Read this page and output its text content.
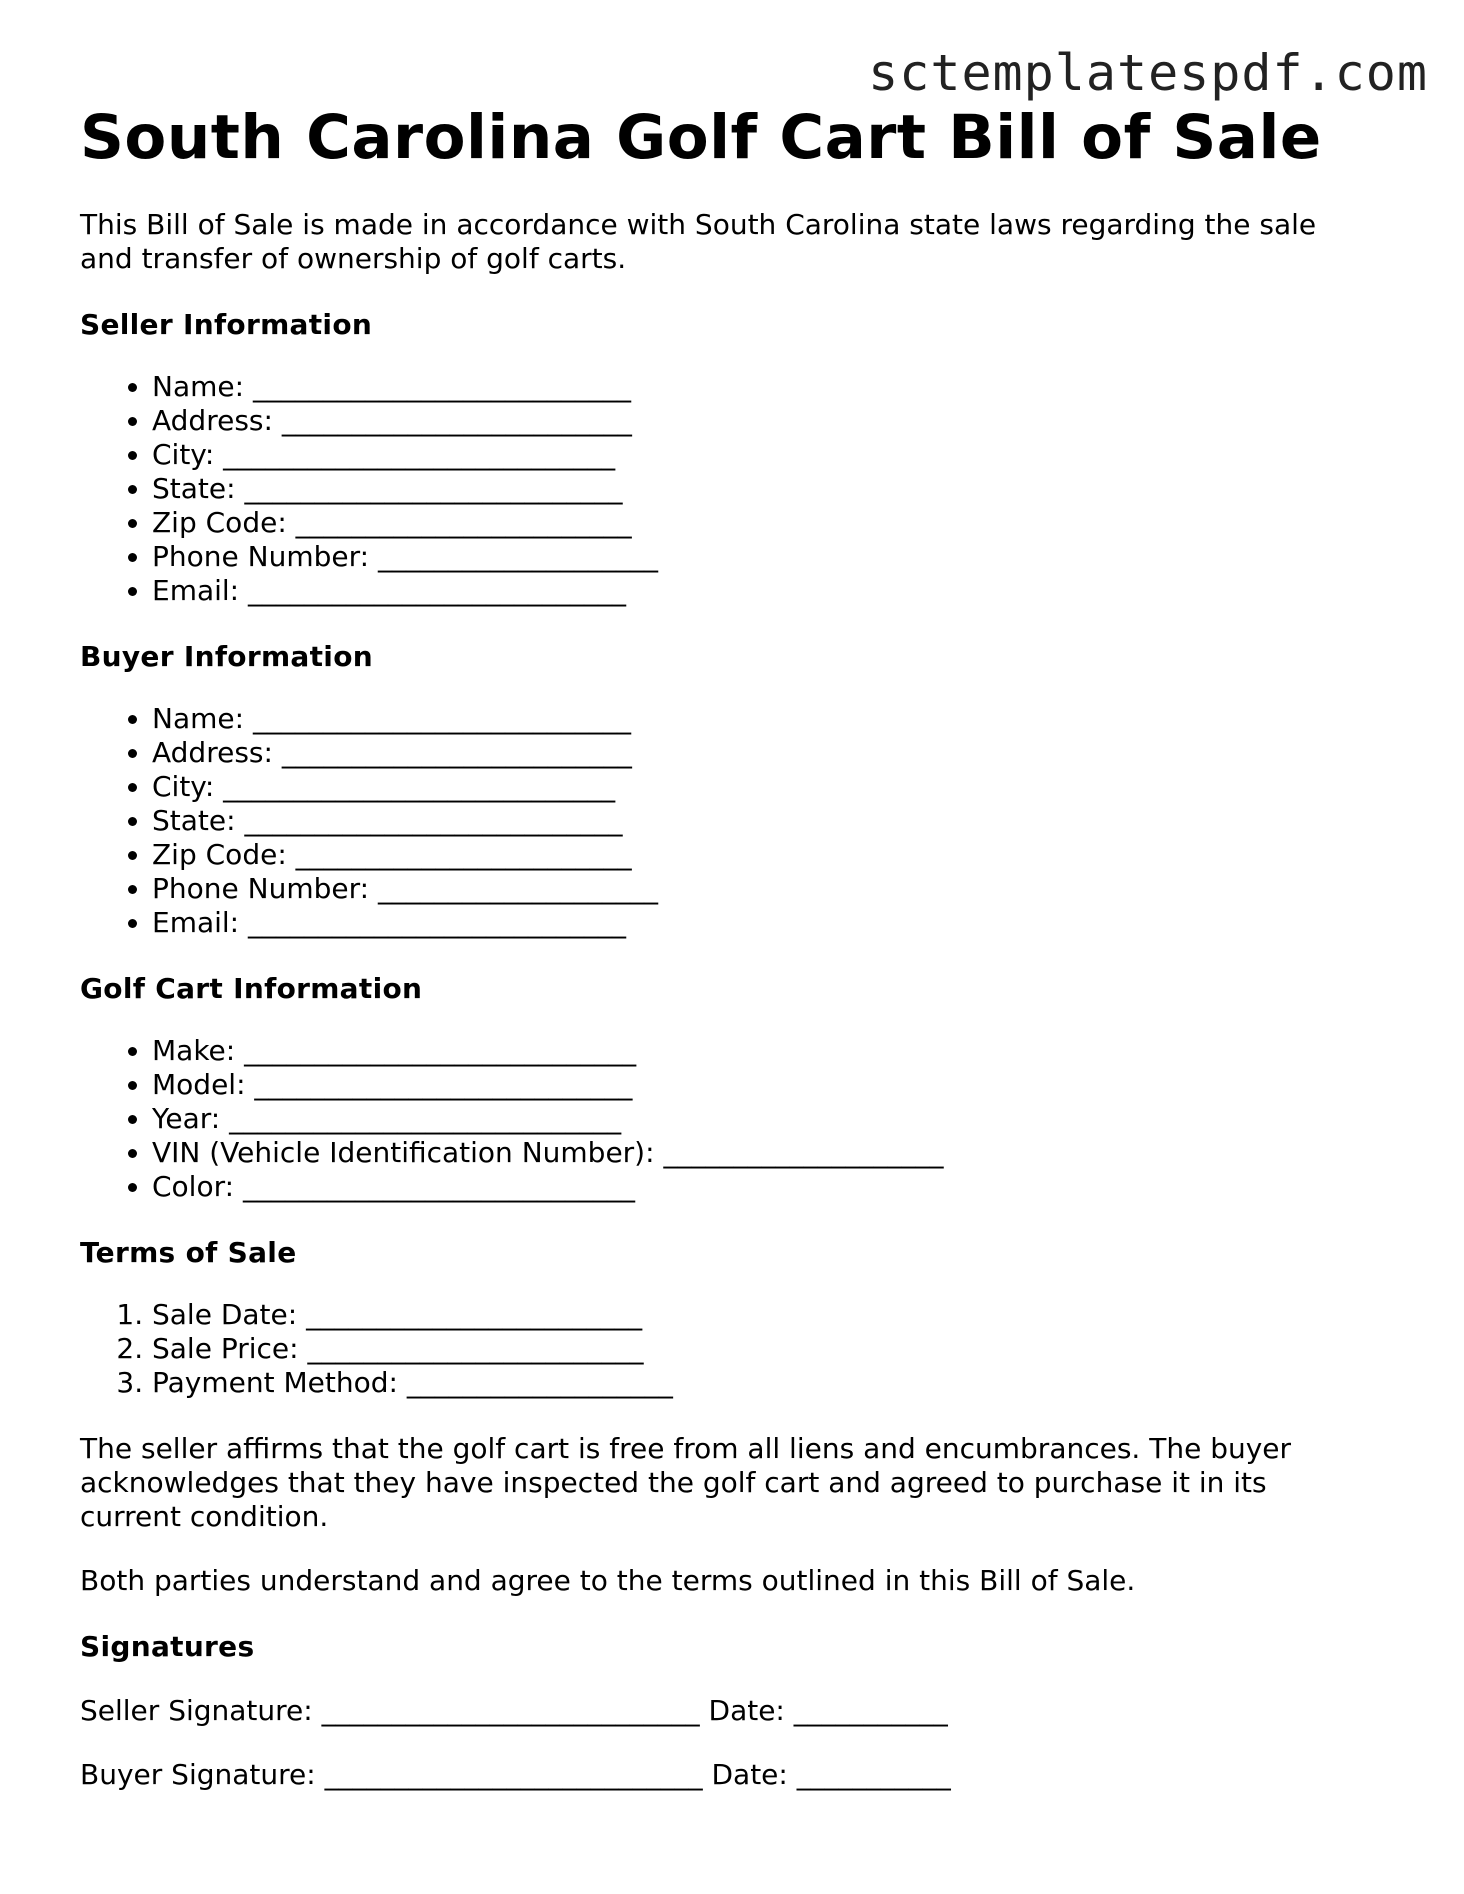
sctemplatespdf.com
South Carolina Golf Cart Bill of Sale

This Bill of Sale is made in accordance with South Carolina state laws regarding the sale and transfer of ownership of golf carts.

Seller Information
• Name: ___________________________
• Address: _________________________
• City: ____________________________
• State: ___________________________
• Zip Code: ________________________
• Phone Number: ____________________
• Email: ___________________________
Buyer Information
• Name: ___________________________
• Address: _________________________
• City: ____________________________
• State: ___________________________
• Zip Code: ________________________
• Phone Number: ____________________
• Email: ___________________________
Golf Cart Information
• Make: ____________________________
• Model: ___________________________
• Year: ____________________________
• VIN (Vehicle Identification Number): ____________________
• Color: ____________________________
Terms of Sale
1. Sale Date: ________________________
2. Sale Price: ________________________
3. Payment Method: ___________________

The seller affirms that the golf cart is free from all liens and encumbrances. The buyer acknowledges that they have inspected the golf cart and agreed to purchase it in its current condition.

Both parties understand and agree to the terms outlined in this Bill of Sale.

Signatures
Seller Signature: ___________________________ Date: ___________
Buyer Signature: ___________________________ Date: ___________
